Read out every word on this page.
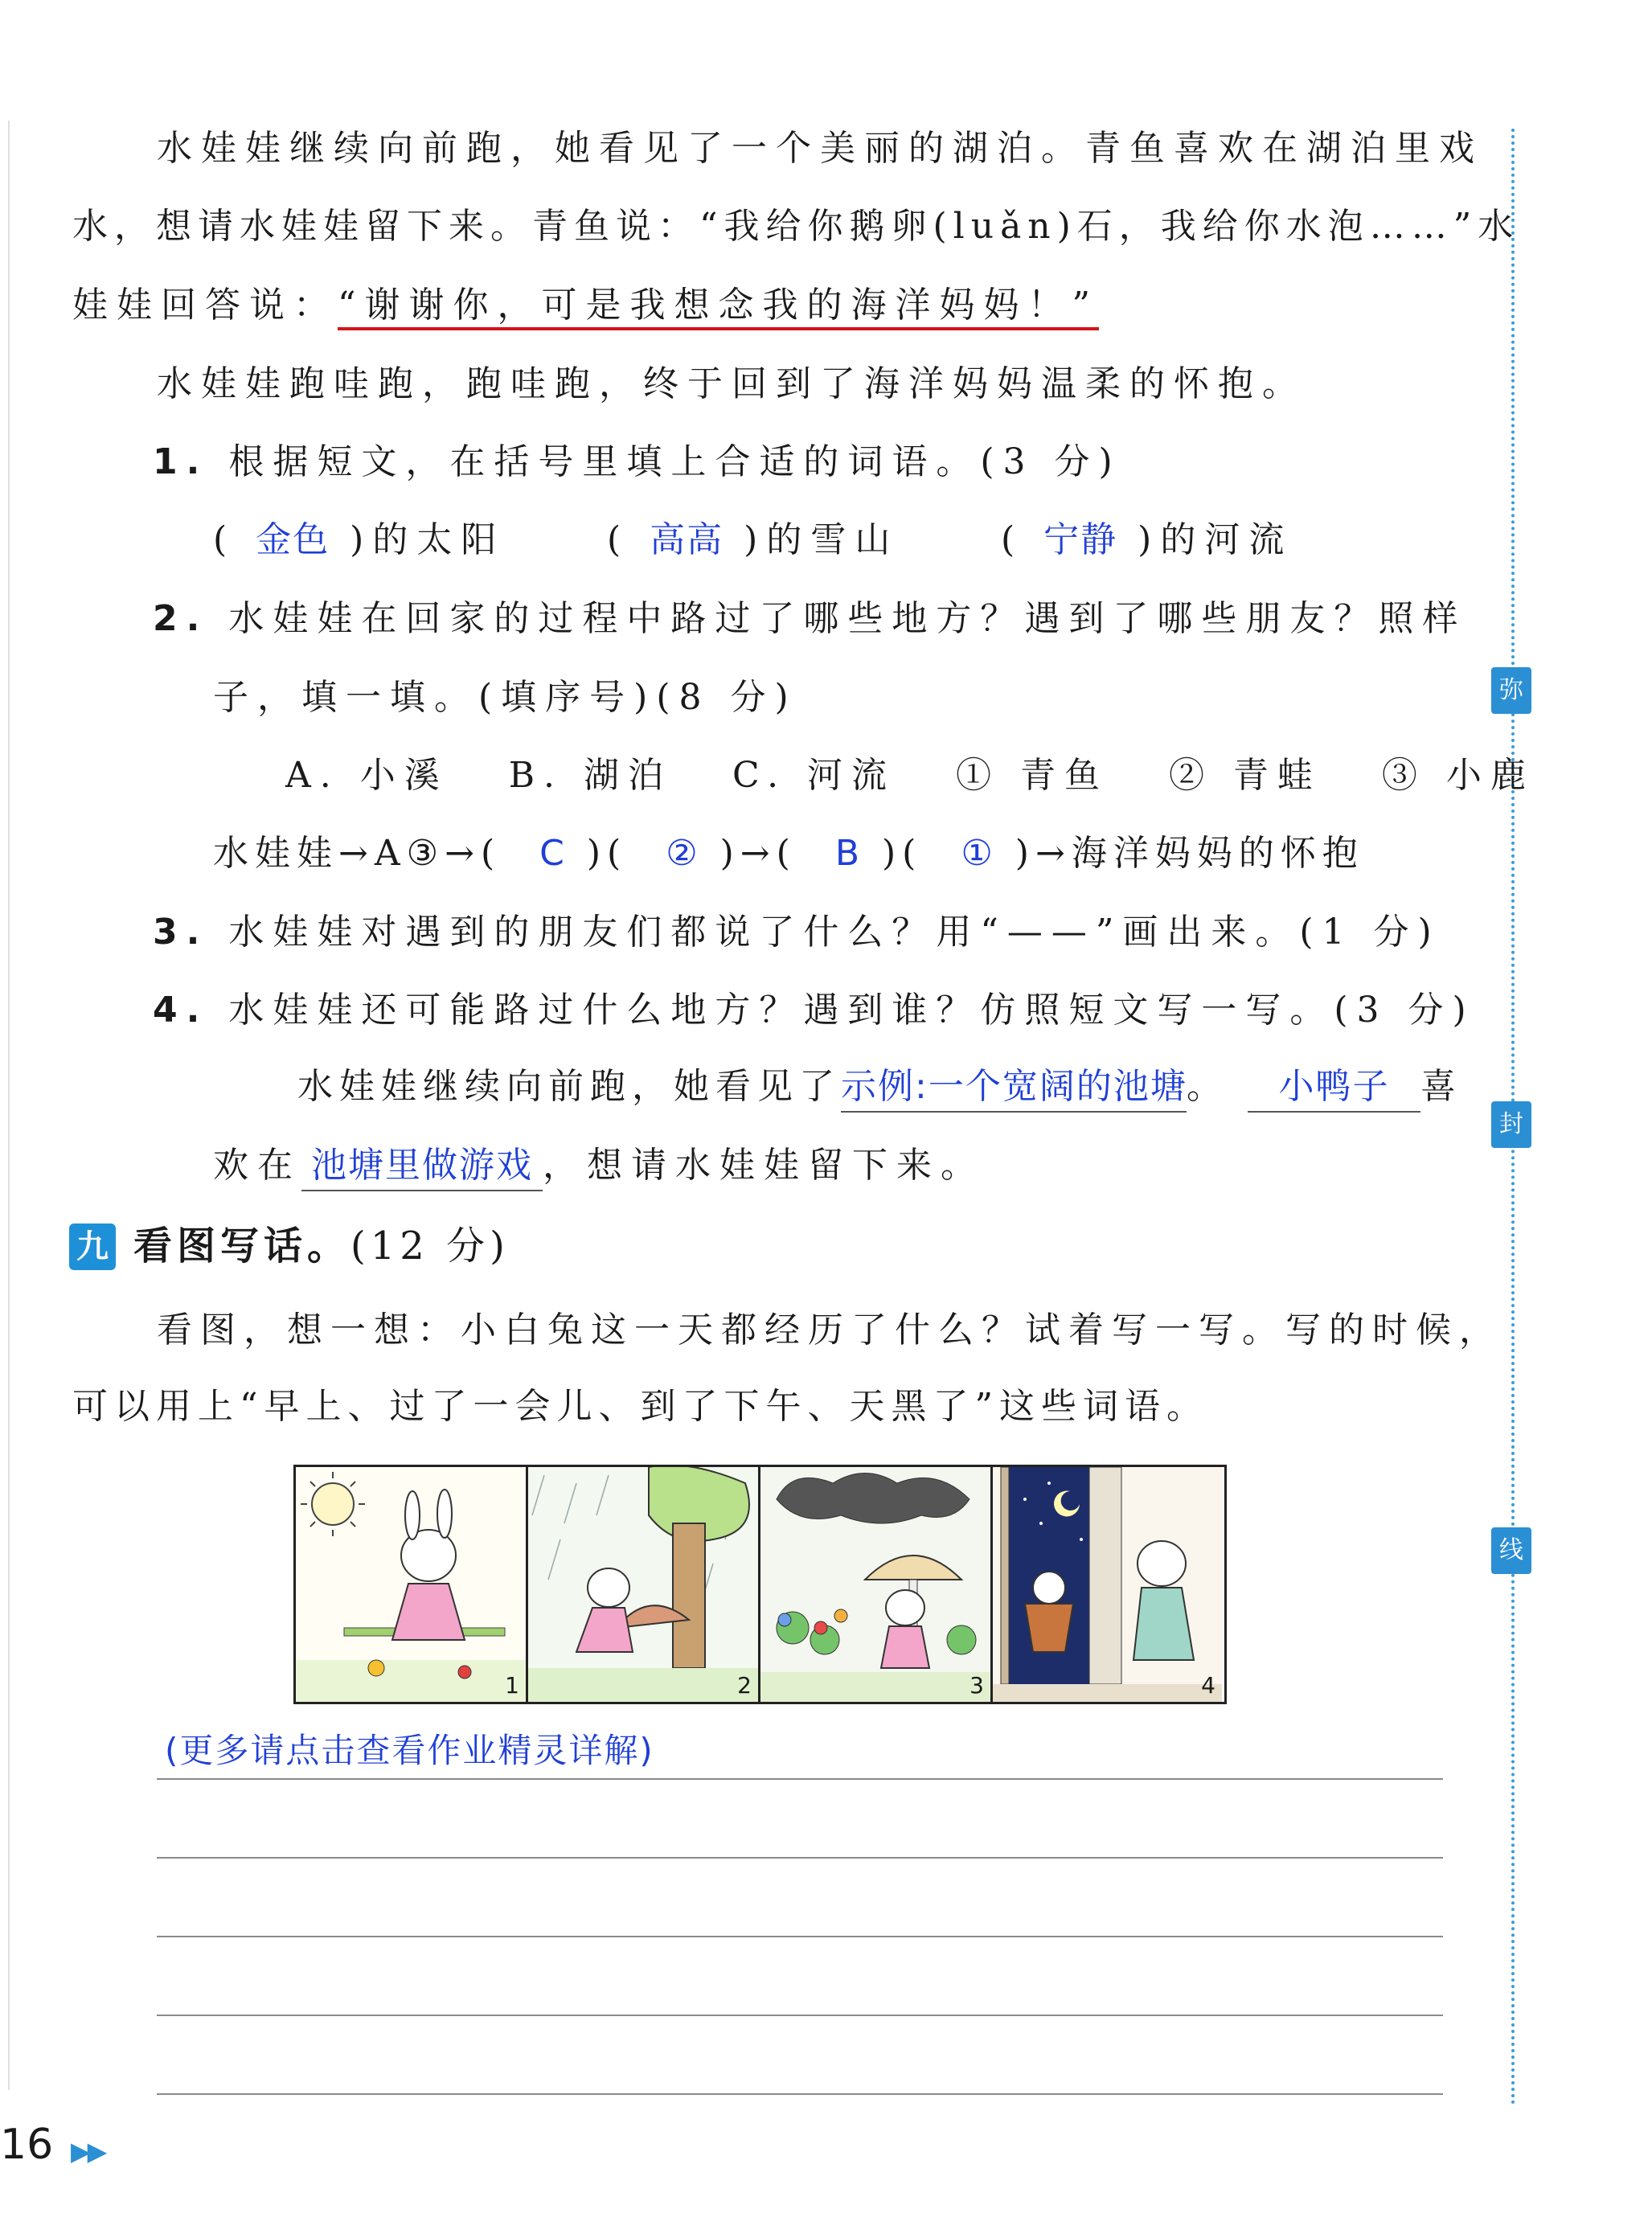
弥
封
线
水娃娃继续向前跑，她看见了一个美丽的湖泊。青鱼喜欢在湖泊里戏
水，想请水娃娃留下来。青鱼说：“我给你鹅卵(luǎn)石，我给你水泡……”水
娃娃回答说：“谢谢你，可是我想念我的海洋妈妈！”
水娃娃跑哇跑，跑哇跑，终于回到了海洋妈妈温柔的怀抱。
1. 根据短文，在括号里填上合适的词语。(3 分)
( 金色 )的太阳	( 高高 )的雪山	( 宁静 )的河流
2. 水娃娃在回家的过程中路过了哪些地方？遇到了哪些朋友？照样
子，填一填。(填序号)(8 分)
A. 小溪   B. 湖泊   C. 河流   ① 青鱼   ② 青蛙   ③ 小鹿
水娃娃→A③→( C )( ② )→( B )( ① )→海洋妈妈的怀抱
3. 水娃娃对遇到的朋友们都说了什么？用“——”画出来。(1 分)
4. 水娃娃还可能路过什么地方？遇到谁？仿照短文写一写。(3 分)
水娃娃继续向前跑，她看见了示例:一个宽阔的池塘。 小鸭子 喜
欢在 池塘里做游戏 ，想请水娃娃留下来。
九 看图写话。(12 分)
看图，想一想：小白兔这一天都经历了什么？试着写一写。写的时候，
可以用上“早上、过了一会儿、到了下午、天黑了”这些词语。
1	2	3	4
(更多请点击查看作业精灵详解)
16 ▶▶
